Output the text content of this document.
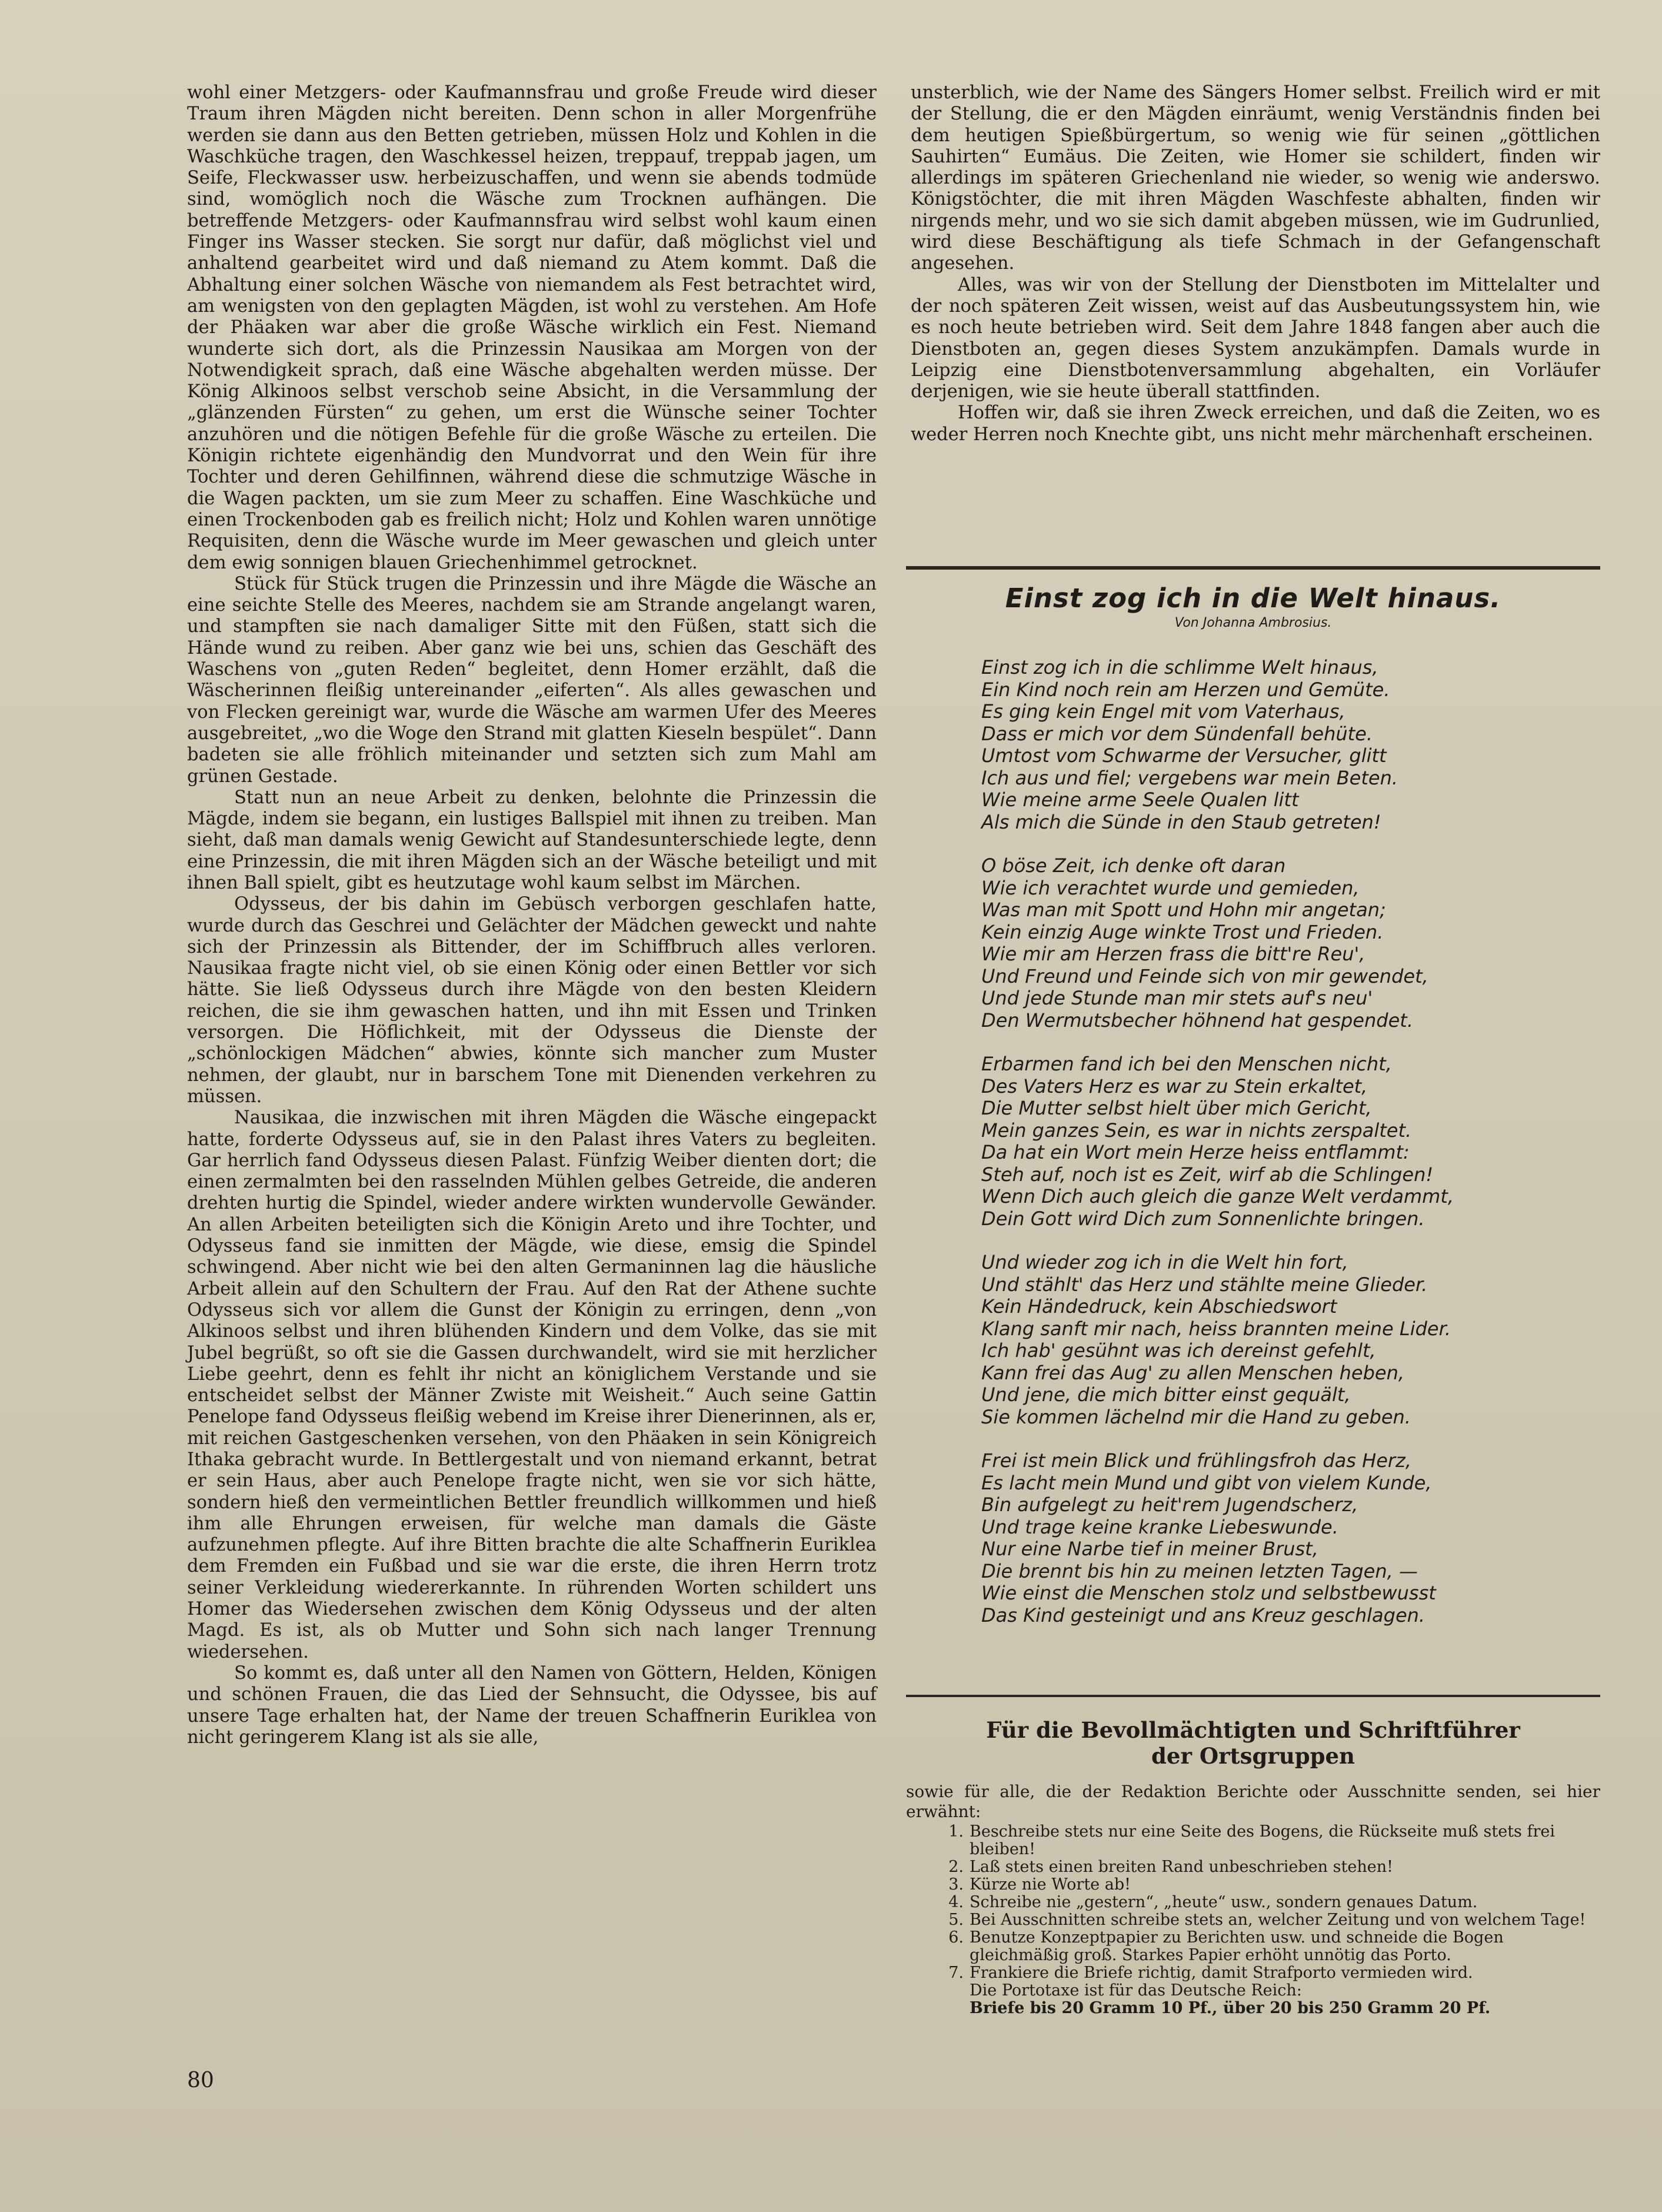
wohl einer Metzgers- oder Kaufmannsfrau und große Freude wird dieser Traum ihren Mägden nicht bereiten. Denn schon in aller Morgenfrühe werden sie dann aus den Betten getrieben, müssen Holz und Kohlen in die Waschküche tragen, den Waschkessel heizen, treppauf, treppab jagen, um Seife, Fleckwasser usw. herbeizuschaffen, und wenn sie abends todmüde sind, womöglich noch die Wäsche zum Trocknen aufhängen. Die betreffende Metzgers- oder Kaufmannsfrau wird selbst wohl kaum einen Finger ins Wasser stecken. Sie sorgt nur dafür, daß möglichst viel und anhaltend gearbeitet wird und daß niemand zu Atem kommt. Daß die Abhaltung einer solchen Wäsche von niemandem als Fest betrachtet wird, am wenigsten von den geplagten Mägden, ist wohl zu verstehen. Am Hofe der Phäaken war aber die große Wäsche wirklich ein Fest. Niemand wunderte sich dort, als die Prinzessin Nausikaa am Morgen von der Notwendigkeit sprach, daß eine Wäsche abgehalten werden müsse. Der König Alkinoos selbst verschob seine Absicht, in die Versammlung der „glänzenden Fürsten“ zu gehen, um erst die Wünsche seiner Tochter anzuhören und die nötigen Befehle für die große Wäsche zu erteilen. Die Königin richtete eigenhändig den Mundvorrat und den Wein für ihre Tochter und deren Gehilfinnen, während diese die schmutzige Wäsche in die Wagen packten, um sie zum Meer zu schaffen. Eine Waschküche und einen Trockenboden gab es freilich nicht; Holz und Kohlen waren unnötige Requisiten, denn die Wäsche wurde im Meer gewaschen und gleich unter dem ewig sonnigen blauen Griechenhimmel getrocknet.

Stück für Stück trugen die Prinzessin und ihre Mägde die Wäsche an eine seichte Stelle des Meeres, nachdem sie am Strande angelangt waren, und stampften sie nach damaliger Sitte mit den Füßen, statt sich die Hände wund zu reiben. Aber ganz wie bei uns, schien das Geschäft des Waschens von „guten Reden“ begleitet, denn Homer erzählt, daß die Wäscherinnen fleißig untereinander „eiferten“. Als alles gewaschen und von Flecken gereinigt war, wurde die Wäsche am warmen Ufer des Meeres ausgebreitet, „wo die Woge den Strand mit glatten Kieseln bespület“. Dann badeten sie alle fröhlich miteinander und setzten sich zum Mahl am grünen Gestade.

Statt nun an neue Arbeit zu denken, belohnte die Prinzessin die Mägde, indem sie begann, ein lustiges Ballspiel mit ihnen zu treiben. Man sieht, daß man damals wenig Gewicht auf Standesunterschiede legte, denn eine Prinzessin, die mit ihren Mägden sich an der Wäsche beteiligt und mit ihnen Ball spielt, gibt es heutzutage wohl kaum selbst im Märchen.

Odysseus, der bis dahin im Gebüsch verborgen geschlafen hatte, wurde durch das Geschrei und Gelächter der Mädchen geweckt und nahte sich der Prinzessin als Bittender, der im Schiffbruch alles verloren. Nausikaa fragte nicht viel, ob sie einen König oder einen Bettler vor sich hätte. Sie ließ Odysseus durch ihre Mägde von den besten Kleidern reichen, die sie ihm gewaschen hatten, und ihn mit Essen und Trinken versorgen. Die Höflichkeit, mit der Odysseus die Dienste der „schönlockigen Mädchen“ abwies, könnte sich mancher zum Muster nehmen, der glaubt, nur in barschem Tone mit Dienenden verkehren zu müssen.

Nausikaa, die inzwischen mit ihren Mägden die Wäsche eingepackt hatte, forderte Odysseus auf, sie in den Palast ihres Vaters zu begleiten. Gar herrlich fand Odysseus diesen Palast. Fünfzig Weiber dienten dort; die einen zermalmten bei den rasselnden Mühlen gelbes Getreide, die anderen drehten hurtig die Spindel, wieder andere wirkten wundervolle Gewänder. An allen Arbeiten beteiligten sich die Königin Areto und ihre Tochter, und Odysseus fand sie inmitten der Mägde, wie diese, emsig die Spindel schwingend. Aber nicht wie bei den alten Germaninnen lag die häusliche Arbeit allein auf den Schultern der Frau. Auf den Rat der Athene suchte Odysseus sich vor allem die Gunst der Königin zu erringen, denn „von Alkinoos selbst und ihren blühenden Kindern und dem Volke, das sie mit Jubel begrüßt, so oft sie die Gassen durchwandelt, wird sie mit herzlicher Liebe geehrt, denn es fehlt ihr nicht an königlichem Verstande und sie entscheidet selbst der Männer Zwiste mit Weisheit.“ Auch seine Gattin Penelope fand Odysseus fleißig webend im Kreise ihrer Dienerinnen, als er, mit reichen Gastgeschenken versehen, von den Phäaken in sein Königreich Ithaka gebracht wurde. In Bettlergestalt und von niemand erkannt, betrat er sein Haus, aber auch Penelope fragte nicht, wen sie vor sich hätte, sondern hieß den vermeintlichen Bettler freundlich willkommen und hieß ihm alle Ehrungen erweisen, für welche man damals die Gäste aufzunehmen pflegte. Auf ihre Bitten brachte die alte Schaffnerin Euriklea dem Fremden ein Fußbad und sie war die erste, die ihren Herrn trotz seiner Verkleidung wiedererkannte. In rührenden Worten schildert uns Homer das Wiedersehen zwischen dem König Odysseus und der alten Magd. Es ist, als ob Mutter und Sohn sich nach langer Trennung wiedersehen.

So kommt es, daß unter all den Namen von Göttern, Helden, Königen und schönen Frauen, die das Lied der Sehnsucht, die Odyssee, bis auf unsere Tage erhalten hat, der Name der treuen Schaffnerin Euriklea von nicht geringerem Klang ist als sie alle,

unsterblich, wie der Name des Sängers Homer selbst. Freilich wird er mit der Stellung, die er den Mägden einräumt, wenig Verständnis finden bei dem heutigen Spießbürgertum, so wenig wie für seinen „göttlichen Sauhirten“ Eumäus. Die Zeiten, wie Homer sie schildert, finden wir allerdings im späteren Griechenland nie wieder, so wenig wie anderswo. Königstöchter, die mit ihren Mägden Waschfeste abhalten, finden wir nirgends mehr, und wo sie sich damit abgeben müssen, wie im Gudrunlied, wird diese Beschäftigung als tiefe Schmach in der Gefangenschaft angesehen.

Alles, was wir von der Stellung der Dienstboten im Mittelalter und der noch späteren Zeit wissen, weist auf das Ausbeutungssystem hin, wie es noch heute betrieben wird. Seit dem Jahre 1848 fangen aber auch die Dienstboten an, gegen dieses System anzukämpfen. Damals wurde in Leipzig eine Dienstbotenversammlung abgehalten, ein Vorläufer derjenigen, wie sie heute überall stattfinden.

Hoffen wir, daß sie ihren Zweck erreichen, und daß die Zeiten, wo es weder Herren noch Knechte gibt, uns nicht mehr märchenhaft erscheinen.

Einst zog ich in die Welt hinaus.
Von Johanna Ambrosius.
Einst zog ich in die schlimme Welt hinaus,
Ein Kind noch rein am Herzen und Gemüte.
Es ging kein Engel mit vom Vaterhaus,
Dass er mich vor dem Sündenfall behüte.
Umtost vom Schwarme der Versucher, glitt
Ich aus und fiel; vergebens war mein Beten.
Wie meine arme Seele Qualen litt
Als mich die Sünde in den Staub getreten!
O böse Zeit, ich denke oft daran
Wie ich verachtet wurde und gemieden,
Was man mit Spott und Hohn mir angetan;
Kein einzig Auge winkte Trost und Frieden.
Wie mir am Herzen frass die bitt're Reu',
Und Freund und Feinde sich von mir gewendet,
Und jede Stunde man mir stets auf's neu'
Den Wermutsbecher höhnend hat gespendet.
Erbarmen fand ich bei den Menschen nicht,
Des Vaters Herz es war zu Stein erkaltet,
Die Mutter selbst hielt über mich Gericht,
Mein ganzes Sein, es war in nichts zerspaltet.
Da hat ein Wort mein Herze heiss entflammt:
Steh auf, noch ist es Zeit, wirf ab die Schlingen!
Wenn Dich auch gleich die ganze Welt verdammt,
Dein Gott wird Dich zum Sonnenlichte bringen.
Und wieder zog ich in die Welt hin fort,
Und stählt' das Herz und stählte meine Glieder.
Kein Händedruck, kein Abschiedswort
Klang sanft mir nach, heiss brannten meine Lider.
Ich hab' gesühnt was ich dereinst gefehlt,
Kann frei das Aug' zu allen Menschen heben,
Und jene, die mich bitter einst gequält,
Sie kommen lächelnd mir die Hand zu geben.
Frei ist mein Blick und frühlingsfroh das Herz,
Es lacht mein Mund und gibt von vielem Kunde,
Bin aufgelegt zu heit'rem Jugendscherz,
Und trage keine kranke Liebeswunde.
Nur eine Narbe tief in meiner Brust,
Die brennt bis hin zu meinen letzten Tagen, —
Wie einst die Menschen stolz und selbstbewusst
Das Kind gesteinigt und ans Kreuz geschlagen.
Für die Bevollmächtigten und Schriftführer
der Ortsgruppen
sowie für alle, die der Redaktion Berichte oder Ausschnitte senden, sei hier erwähnt:
1. Beschreibe stets nur eine Seite des Bogens, die Rückseite muß stets frei bleiben!
2. Laß stets einen breiten Rand unbeschrieben stehen!
3. Kürze nie Worte ab!
4. Schreibe nie „gestern“, „heute“ usw., sondern genaues Datum.
5. Bei Ausschnitten schreibe stets an, welcher Zeitung und von welchem Tage!
6. Benutze Konzeptpapier zu Berichten usw. und schneide die Bogen gleichmäßig groß. Starkes Papier erhöht unnötig das Porto.
7. Frankiere die Briefe richtig, damit Strafporto vermieden wird.
Die Portotaxe ist für das Deutsche Reich:
Briefe bis 20 Gramm 10 Pf., über 20 bis 250 Gramm 20 Pf.
80
